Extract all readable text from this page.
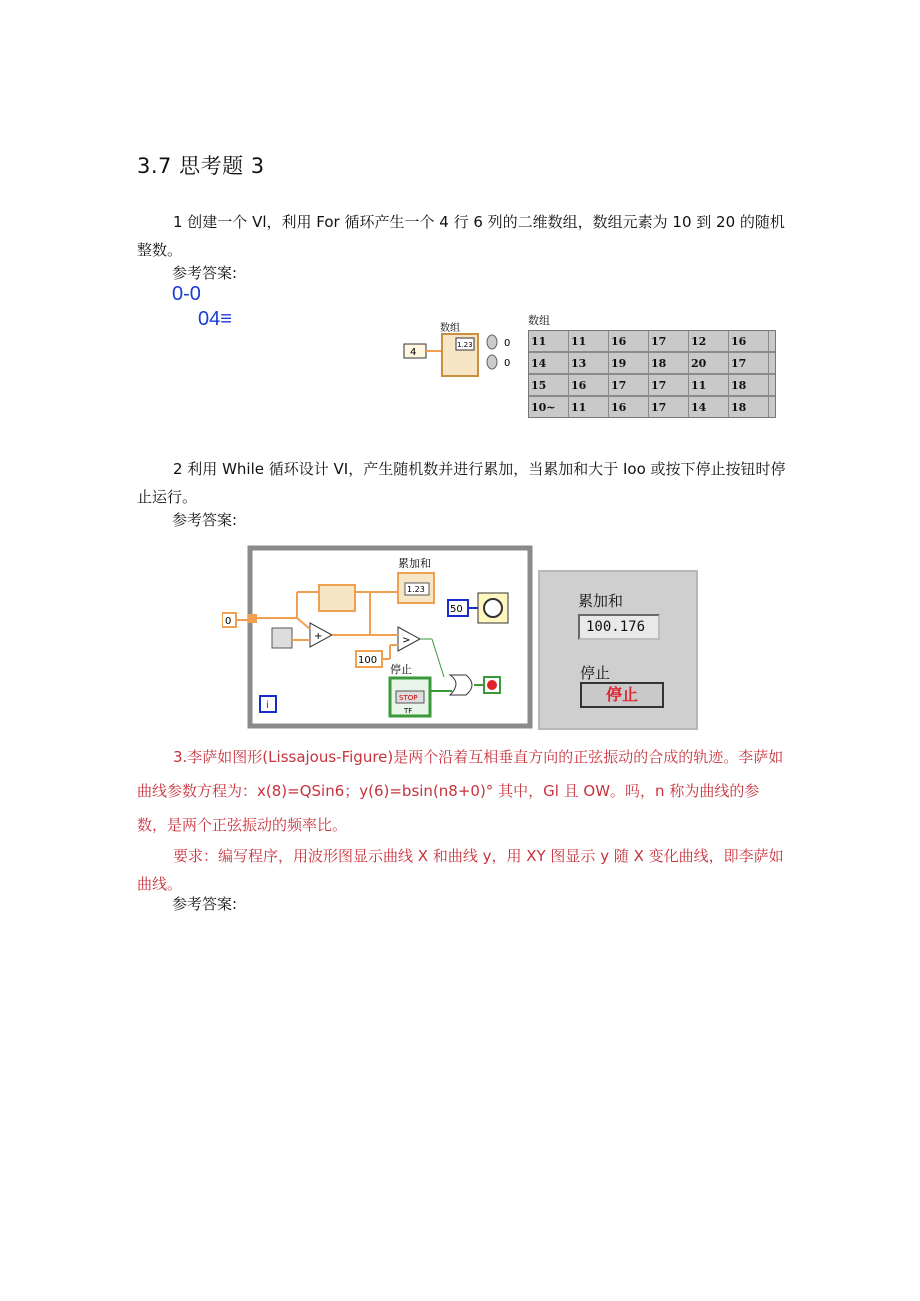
3.7 思考题 3
1 创建一个 Vl，利用 For 循环产生一个 4 行 6 列的二维数组，数组元素为 10 到 20 的随机整数。
参考答案:
0-0
04≡
4
1.23
数组
0
0
数组
11	11	16	17	12	16
14	13	19	18	20	17
15	16	17	17	11	18
10~	11	16	17	14	18
2 利用 While 循环设计 VI，产生随机数并进行累加，当累加和大于 Ioo 或按下停止按钮时停止运行。
参考答案:
0
+
累加和
1.23
50
>
100
停止
STOP
TF
i
累加和
100.176
停止
停止
3.李萨如图形(Lissajous-Figure)是两个沿着互相垂直方向的正弦振动的合成的轨迹。李萨如曲线参数方程为：x(8)=QSin6；y(6)=bsin(n8+0)° 其中，Gl 且 OW。吗，n 称为曲线的参数，是两个正弦振动的频率比。
要求：编写程序，用波形图显示曲线 X 和曲线 y，用 XY 图显示 y 随 X 变化曲线，即李萨如曲线。
参考答案:
